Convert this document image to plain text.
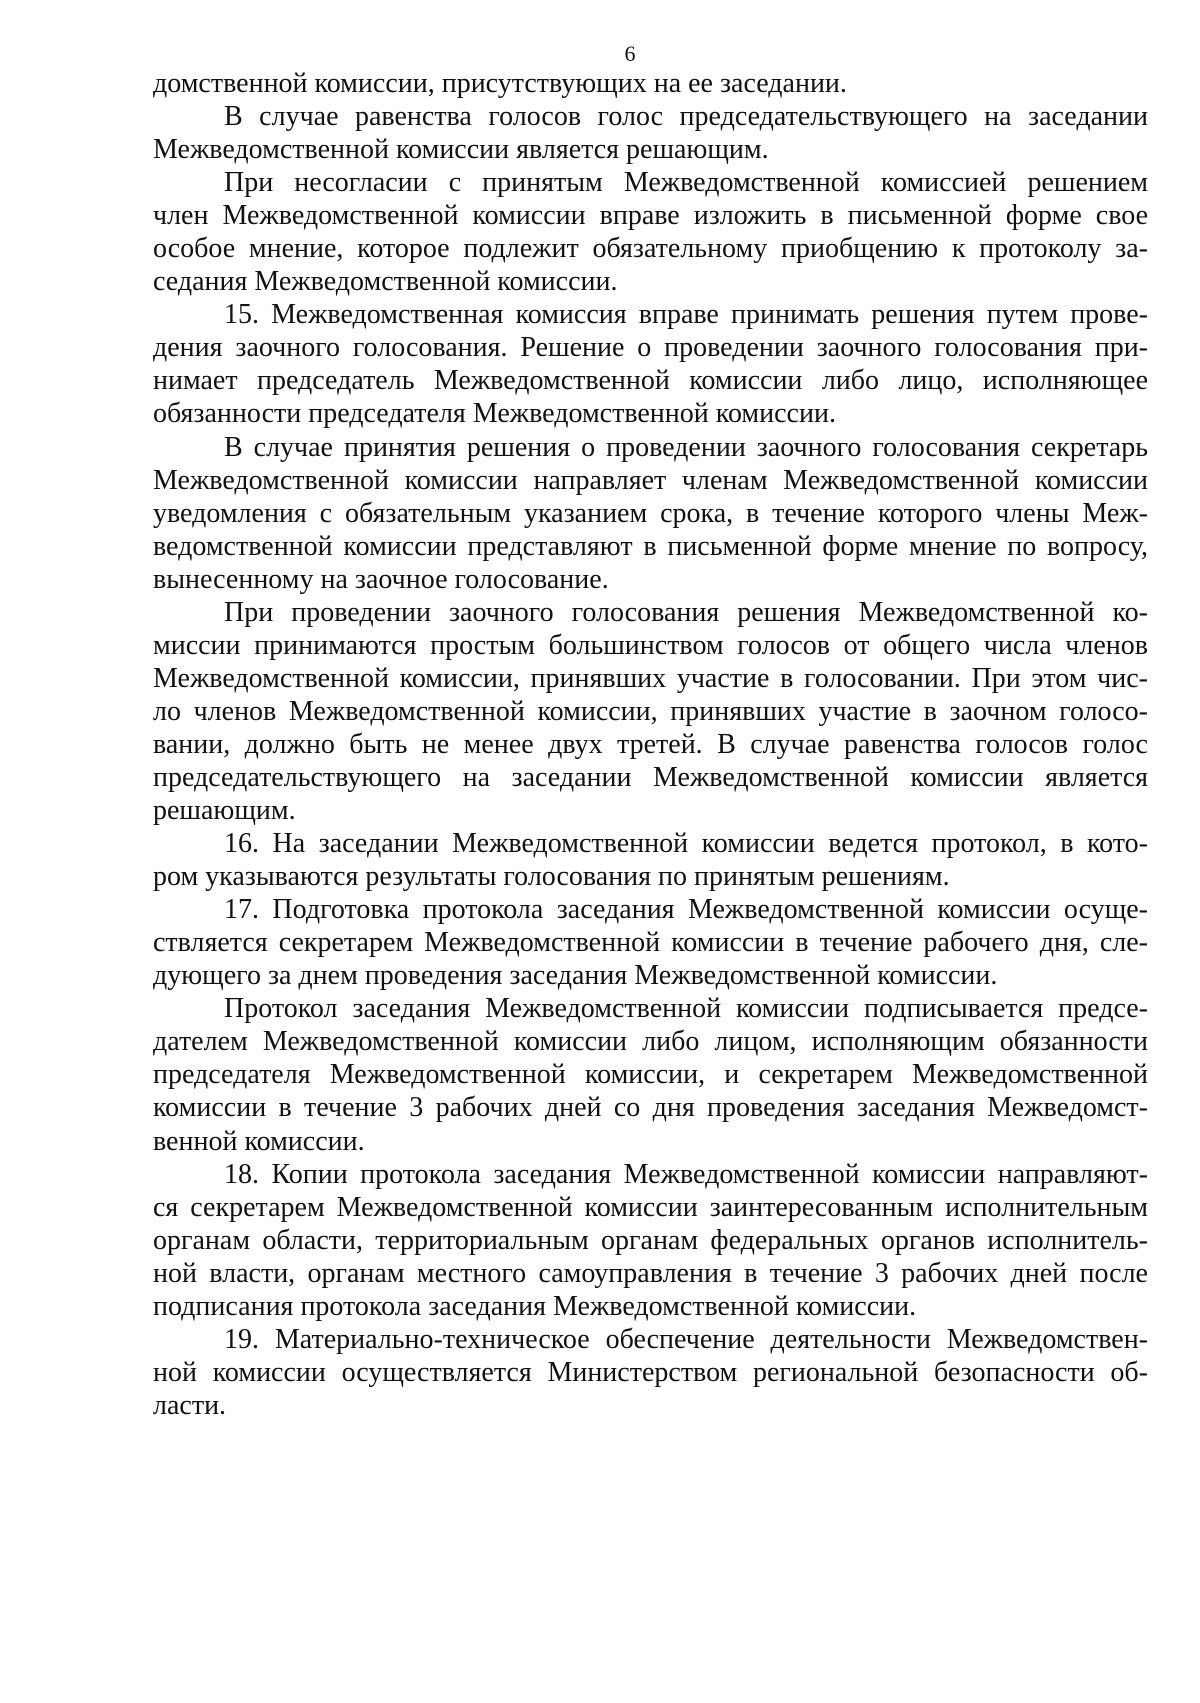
6
домственной комиссии, присутствующих на ее заседании.
В случае равенства голосов голос председательствующего на заседании
Межведомственной комиссии является решающим.
При несогласии с принятым Межведомственной комиссией решением
член Межведомственной комиссии вправе изложить в письменной форме свое
особое мнение, которое подлежит обязательному приобщению к протоколу за-
седания Межведомственной комиссии.
15. Межведомственная комиссия вправе принимать решения путем прове-
дения заочного голосования. Решение о проведении заочного голосования при-
нимает председатель Межведомственной комиссии либо лицо, исполняющее
обязанности председателя Межведомственной комиссии.
В случае принятия решения о проведении заочного голосования секретарь
Межведомственной комиссии направляет членам Межведомственной комиссии
уведомления с обязательным указанием срока, в течение которого члены Меж-
ведомственной комиссии представляют в письменной форме мнение по вопросу,
вынесенному на заочное голосование.
При проведении заочного голосования решения Межведомственной ко-
миссии принимаются простым большинством голосов от общего числа членов
Межведомственной комиссии, принявших участие в голосовании. При этом чис-
ло членов Межведомственной комиссии, принявших участие в заочном голосо-
вании, должно быть не менее двух третей. В случае равенства голосов голос
председательствующего на заседании Межведомственной комиссии является
решающим.
16. На заседании Межведомственной комиссии ведется протокол, в кото-
ром указываются результаты голосования по принятым решениям.
17. Подготовка протокола заседания Межведомственной комиссии осуще-
ствляется секретарем Межведомственной комиссии в течение рабочего дня, сле-
дующего за днем проведения заседания Межведомственной комиссии.
Протокол заседания Межведомственной комиссии подписывается предсе-
дателем Межведомственной комиссии либо лицом, исполняющим обязанности
председателя Межведомственной комиссии, и секретарем Межведомственной
комиссии в течение 3 рабочих дней со дня проведения заседания Межведомст-
венной комиссии.
18. Копии протокола заседания Межведомственной комиссии направляют-
ся секретарем Межведомственной комиссии заинтересованным исполнительным
органам области, территориальным органам федеральных органов исполнитель-
ной власти, органам местного самоуправления в течение 3 рабочих дней после
подписания протокола заседания Межведомственной комиссии.
19. Материально-техническое обеспечение деятельности Межведомствен-
ной комиссии осуществляется Министерством региональной безопасности об-
ласти.
